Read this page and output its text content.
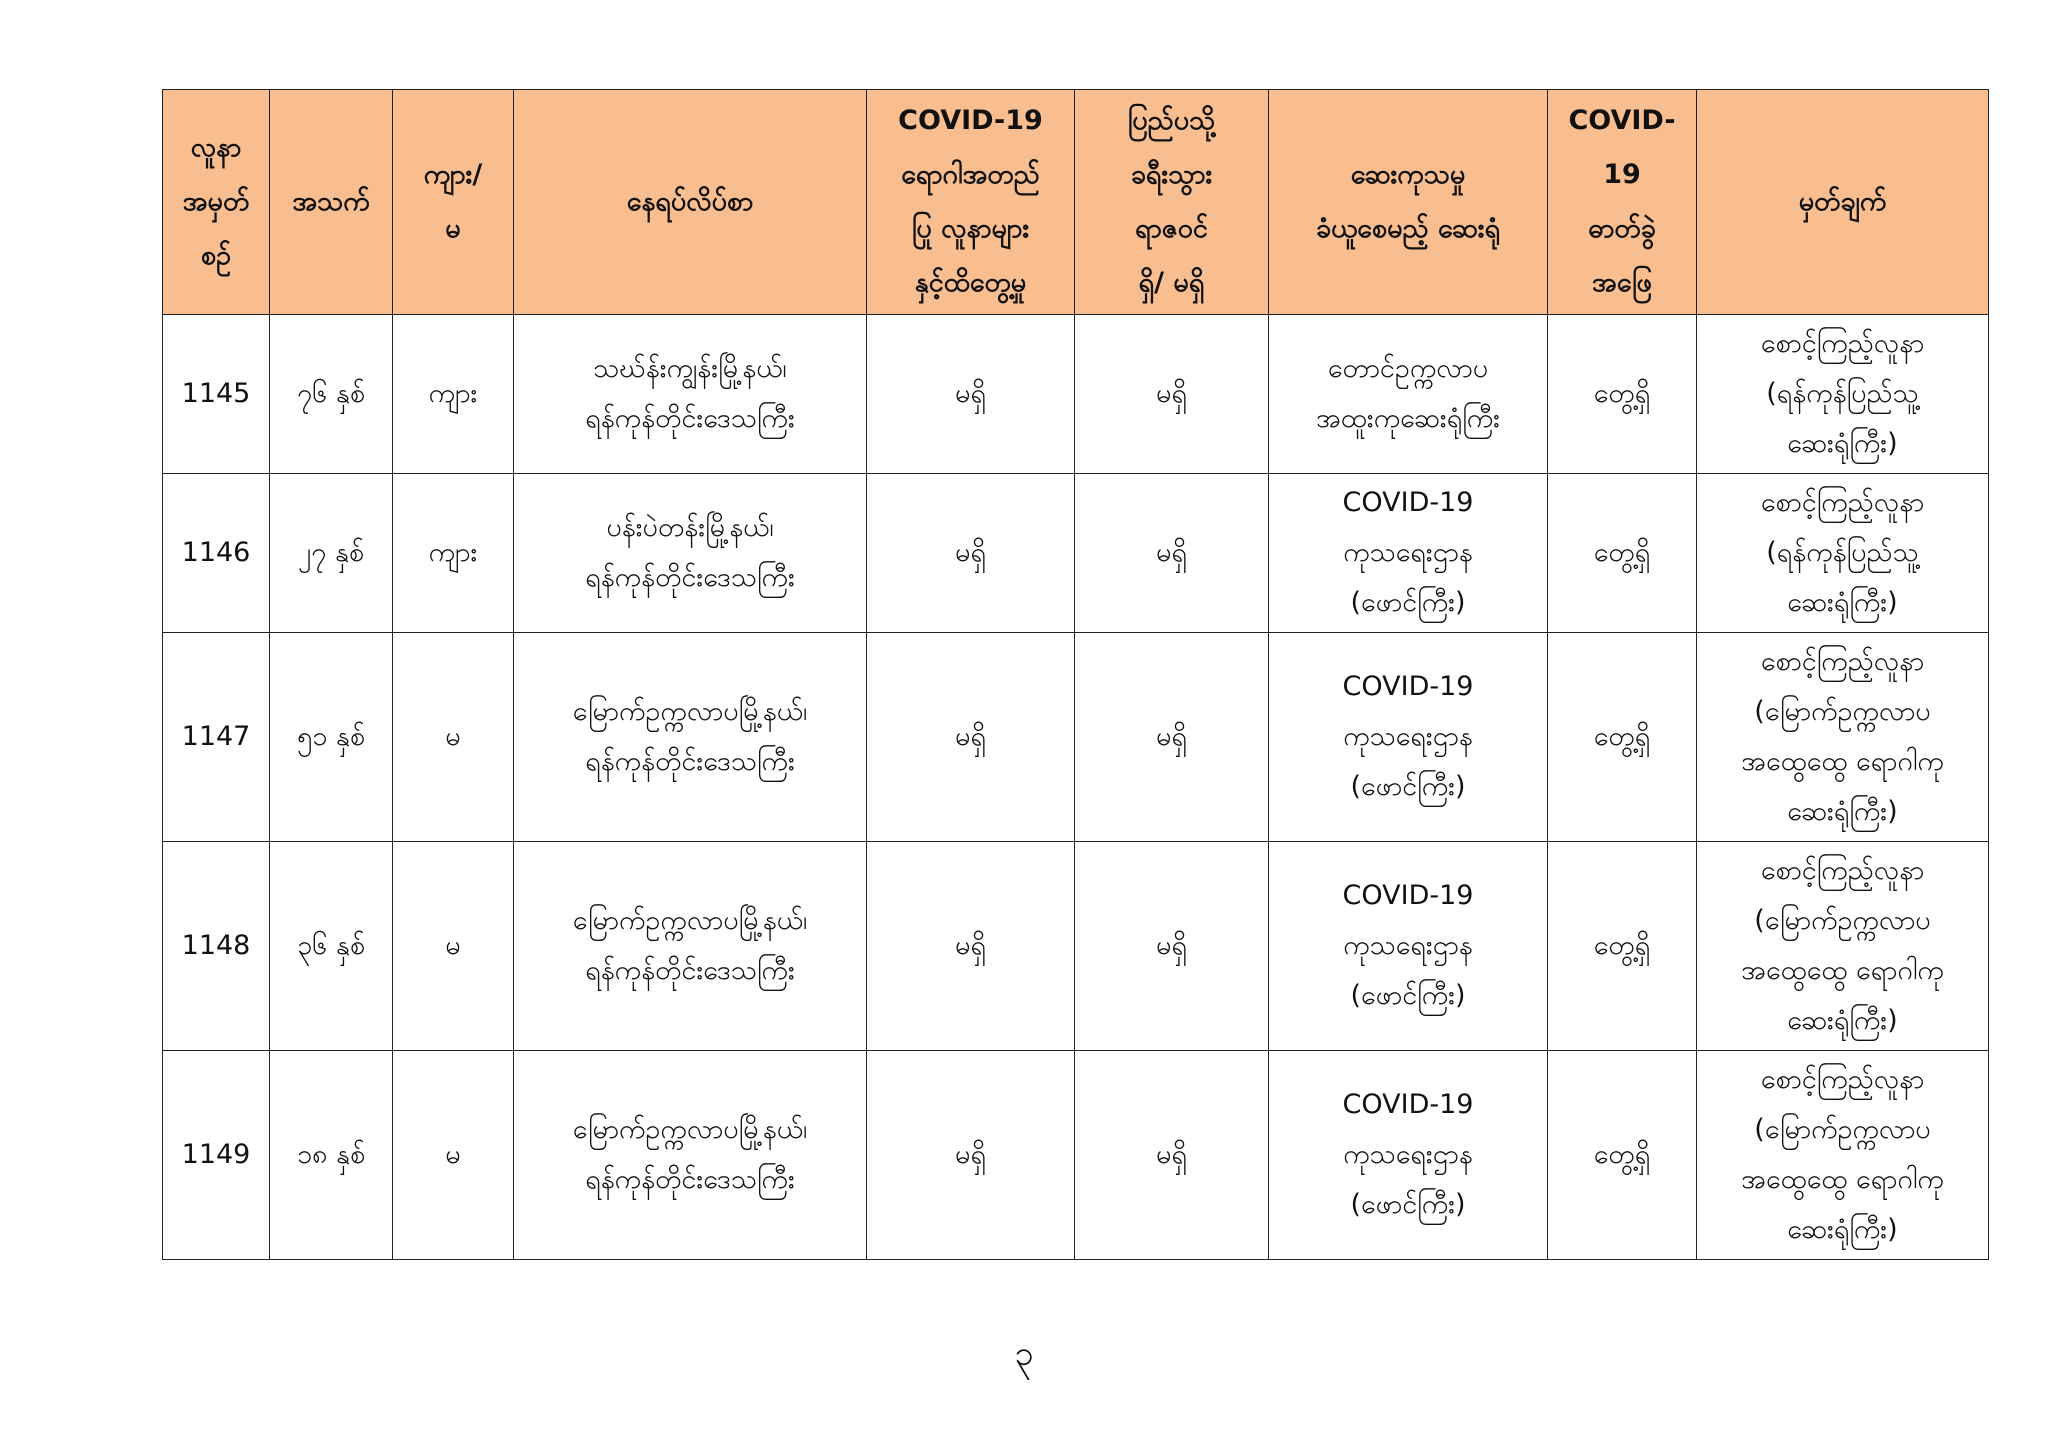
လူနာ
အမှတ်
စဉ်	အသက်	ကျား/
မ	နေရပ်လိပ်စာ	COVID-19
ရောဂါအတည်
ပြု လူနာများ
နှင့်ထိတွေ့မှု	ပြည်ပသို့
ခရီးသွား
ရာဇဝင်
ရှိ/ မရှိ	ဆေးကုသမှု
ခံယူစေမည့် ဆေးရုံ	COVID-
19
ဓာတ်ခွဲ
အဖြေ	မှတ်ချက်
1145	၇၆ နှစ်	ကျား	သဃ်န်းကျွန်းမြို့နယ်၊
ရန်ကုန်တိုင်းဒေသကြီး	မရှိ	မရှိ	တောင်ဥက္ကလာပ
အထူးကုဆေးရုံကြီး	တွေ့ရှိ	စောင့်ကြည့်လူနာ
(ရန်ကုန်ပြည်သူ့
ဆေးရုံကြီး)
1146	၂၇ နှစ်	ကျား	ပန်းပဲတန်းမြို့နယ်၊
ရန်ကုန်တိုင်းဒေသကြီး	မရှိ	မရှိ	COVID-19
ကုသရေးဌာန
(ဖောင်ကြီး)	တွေ့ရှိ	စောင့်ကြည့်လူနာ
(ရန်ကုန်ပြည်သူ့
ဆေးရုံကြီး)
1147	၅၁ နှစ်	မ	မြောက်ဥက္ကလာပမြို့နယ်၊
ရန်ကုန်တိုင်းဒေသကြီး	မရှိ	မရှိ	COVID-19
ကုသရေးဌာန
(ဖောင်ကြီး)	တွေ့ရှိ	စောင့်ကြည့်လူနာ
(မြောက်ဥက္ကလာပ
အထွေထွေ ရောဂါကု
ဆေးရုံကြီး)
1148	၃၆ နှစ်	မ	မြောက်ဥက္ကလာပမြို့နယ်၊
ရန်ကုန်တိုင်းဒေသကြီး	မရှိ	မရှိ	COVID-19
ကုသရေးဌာန
(ဖောင်ကြီး)	တွေ့ရှိ	စောင့်ကြည့်လူနာ
(မြောက်ဥက္ကလာပ
အထွေထွေ ရောဂါကု
ဆေးရုံကြီး)
1149	၁၈ နှစ်	မ	မြောက်ဥက္ကလာပမြို့နယ်၊
ရန်ကုန်တိုင်းဒေသကြီး	မရှိ	မရှိ	COVID-19
ကုသရေးဌာန
(ဖောင်ကြီး)	တွေ့ရှိ	စောင့်ကြည့်လူနာ
(မြောက်ဥက္ကလာပ
အထွေထွေ ရောဂါကု
ဆေးရုံကြီး)
၃
